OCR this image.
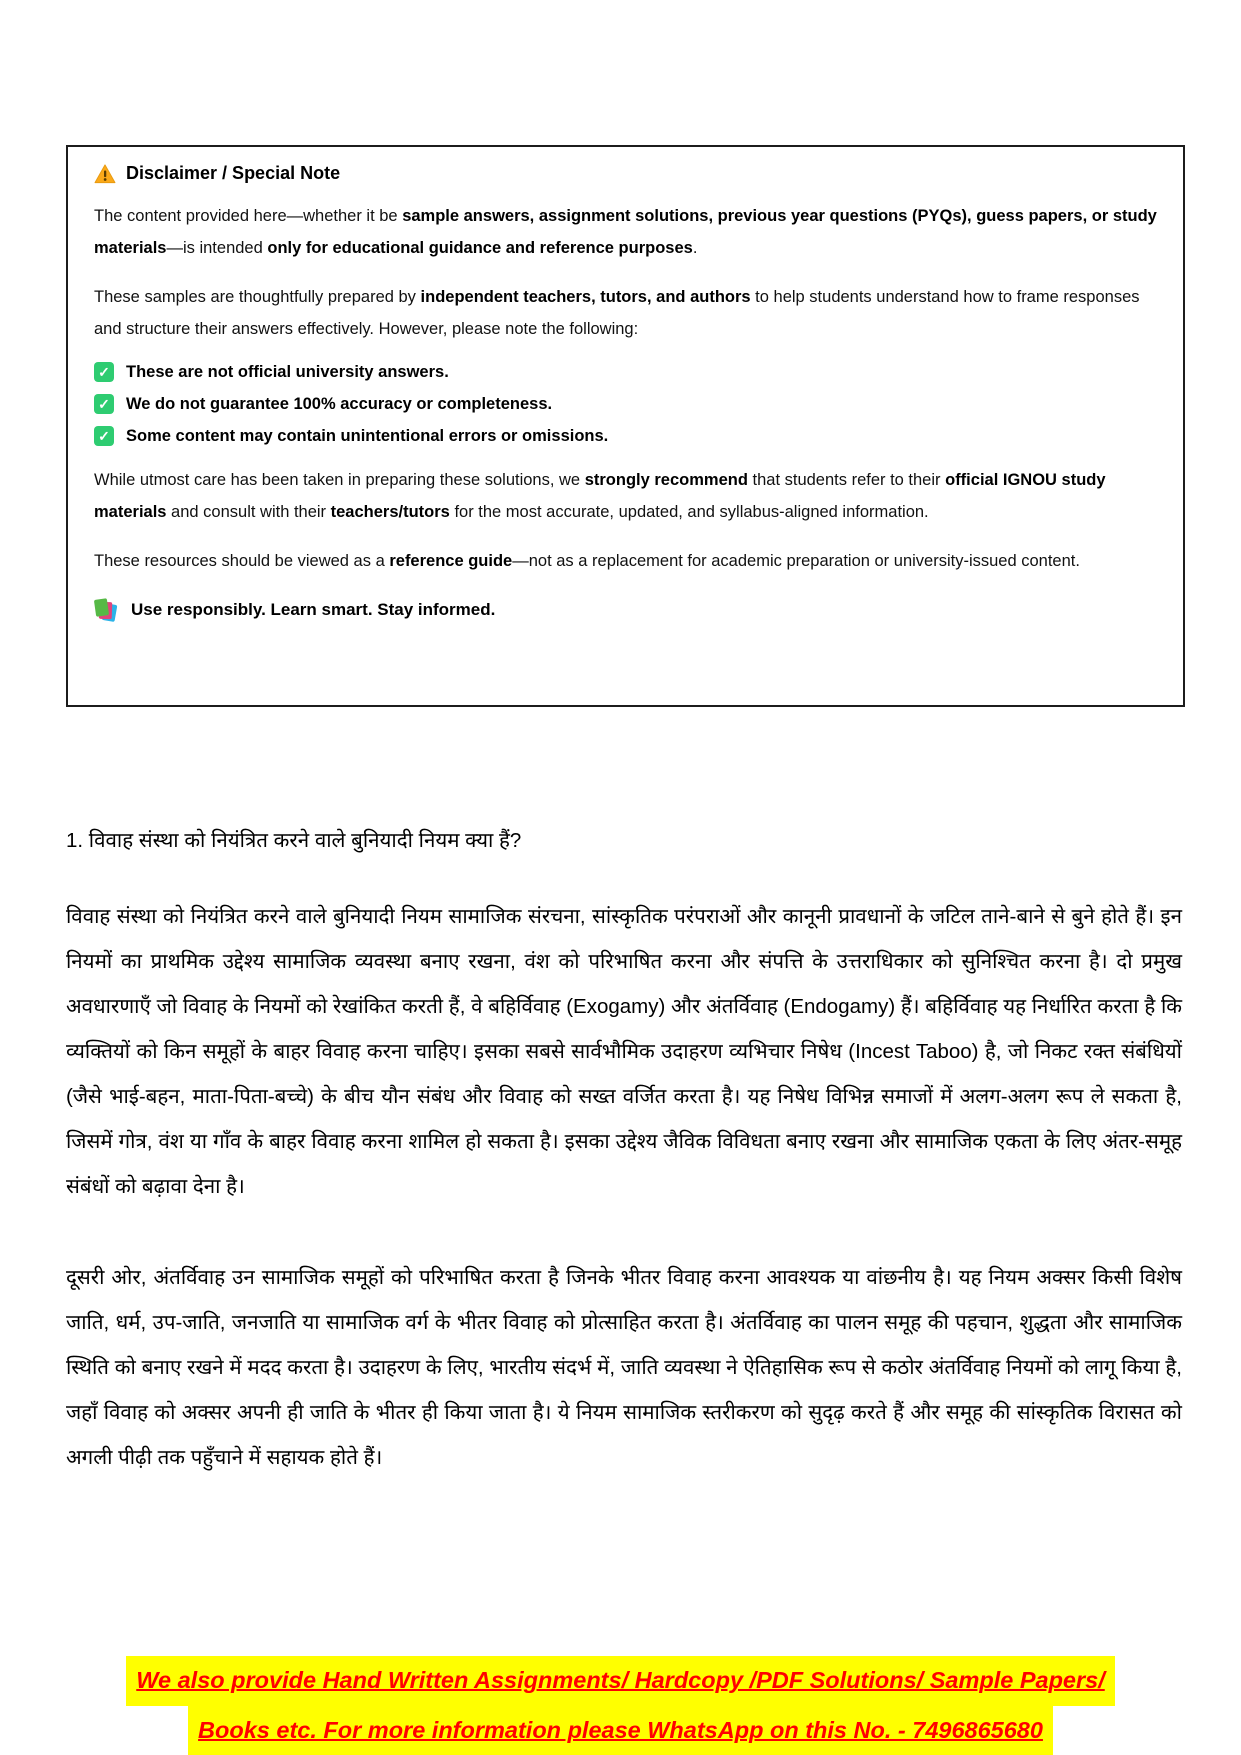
Disclaimer / Special Note

The content provided here—whether it be sample answers, assignment solutions, previous year questions (PYQs), guess papers, or study materials—is intended only for educational guidance and reference purposes.

These samples are thoughtfully prepared by independent teachers, tutors, and authors to help students understand how to frame responses and structure their answers effectively. However, please note the following:

✓ These are not official university answers.
✓ We do not guarantee 100% accuracy or completeness.
✓ Some content may contain unintentional errors or omissions.

While utmost care has been taken in preparing these solutions, we strongly recommend that students refer to their official IGNOU study materials and consult with their teachers/tutors for the most accurate, updated, and syllabus-aligned information.

These resources should be viewed as a reference guide—not as a replacement for academic preparation or university-issued content.

Use responsibly. Learn smart. Stay informed.

1. विवाह संस्था को नियंत्रित करने वाले बुनियादी नियम क्या हैं?

विवाह संस्था को नियंत्रित करने वाले बुनियादी नियम सामाजिक संरचना, सांस्कृतिक परंपराओं और कानूनी प्रावधानों के जटिल ताने-बाने से बुने होते हैं। इन नियमों का प्राथमिक उद्देश्य सामाजिक व्यवस्था बनाए रखना, वंश को परिभाषित करना और संपत्ति के उत्तराधिकार को सुनिश्चित करना है। दो प्रमुख अवधारणाएँ जो विवाह के नियमों को रेखांकित करती हैं, वे बहिर्विवाह (Exogamy) और अंतर्विवाह (Endogamy) हैं। बहिर्विवाह यह निर्धारित करता है कि व्यक्तियों को किन समूहों के बाहर विवाह करना चाहिए। इसका सबसे सार्वभौमिक उदाहरण व्यभिचार निषेध (Incest Taboo) है, जो निकट रक्त संबंधियों (जैसे भाई-बहन, माता-पिता-बच्चे) के बीच यौन संबंध और विवाह को सख्त वर्जित करता है। यह निषेध विभिन्न समाजों में अलग-अलग रूप ले सकता है, जिसमें गोत्र, वंश या गाँव के बाहर विवाह करना शामिल हो सकता है। इसका उद्देश्य जैविक विविधता बनाए रखना और सामाजिक एकता के लिए अंतर-समूह संबंधों को बढ़ावा देना है।

दूसरी ओर, अंतर्विवाह उन सामाजिक समूहों को परिभाषित करता है जिनके भीतर विवाह करना आवश्यक या वांछनीय है। यह नियम अक्सर किसी विशेष जाति, धर्म, उप-जाति, जनजाति या सामाजिक वर्ग के भीतर विवाह को प्रोत्साहित करता है। अंतर्विवाह का पालन समूह की पहचान, शुद्धता और सामाजिक स्थिति को बनाए रखने में मदद करता है। उदाहरण के लिए, भारतीय संदर्भ में, जाति व्यवस्था ने ऐतिहासिक रूप से कठोर अंतर्विवाह नियमों को लागू किया है, जहाँ विवाह को अक्सर अपनी ही जाति के भीतर ही किया जाता है। ये नियम सामाजिक स्तरीकरण को सुदृढ़ करते हैं और समूह की सांस्कृतिक विरासत को अगली पीढ़ी तक पहुँचाने में सहायक होते हैं।

We also provide Hand Written Assignments/ Hardcopy /PDF Solutions/ Sample Papers/
Books etc. For more information please WhatsApp on this No. - 7496865680
